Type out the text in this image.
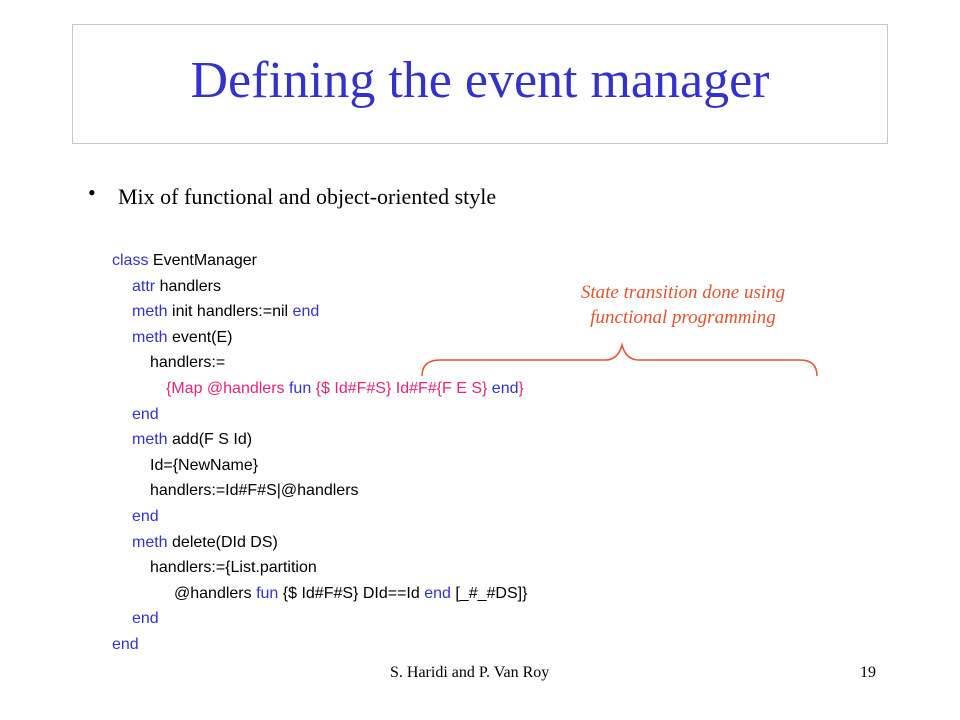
Defining the event manager
• Mix of functional and object-oriented style
class EventManager
attr handlers
meth init handlers:=nil end
meth event(E)
handlers:=
{Map @handlers fun {$ Id#F#S} Id#F#{F E S} end}
end
meth add(F S Id)
Id={NewName}
handlers:=Id#F#S|@handlers
end
meth delete(DId DS)
handlers:={List.partition
@handlers fun {$ Id#F#S} DId==Id end [_#_#DS]}
end
end
State transition done using
functional programming
S. Haridi and P. Van Roy	19
